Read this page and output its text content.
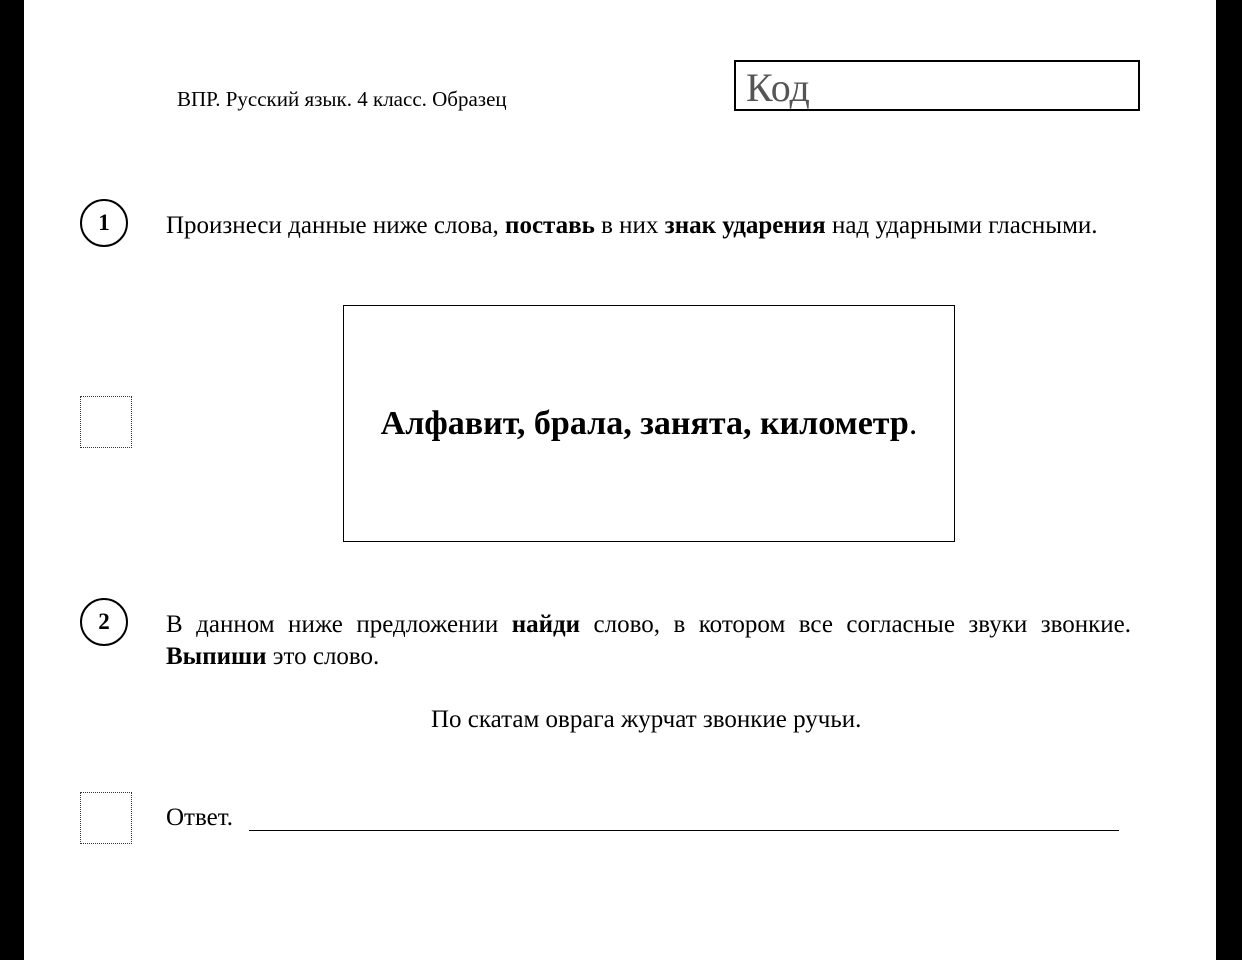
ВПР. Русский язык. 4 класс. Образец	Код
1	Произнеси данные ниже слова, поставь в них знак ударения над ударными гласными.
Алфавит, брала, занята, километр.
2	В данном ниже предложении найди слово, в котором все согласные звуки звонкие. Выпиши это слово.
По скатам оврага журчат звонкие ручьи.
Ответ.
